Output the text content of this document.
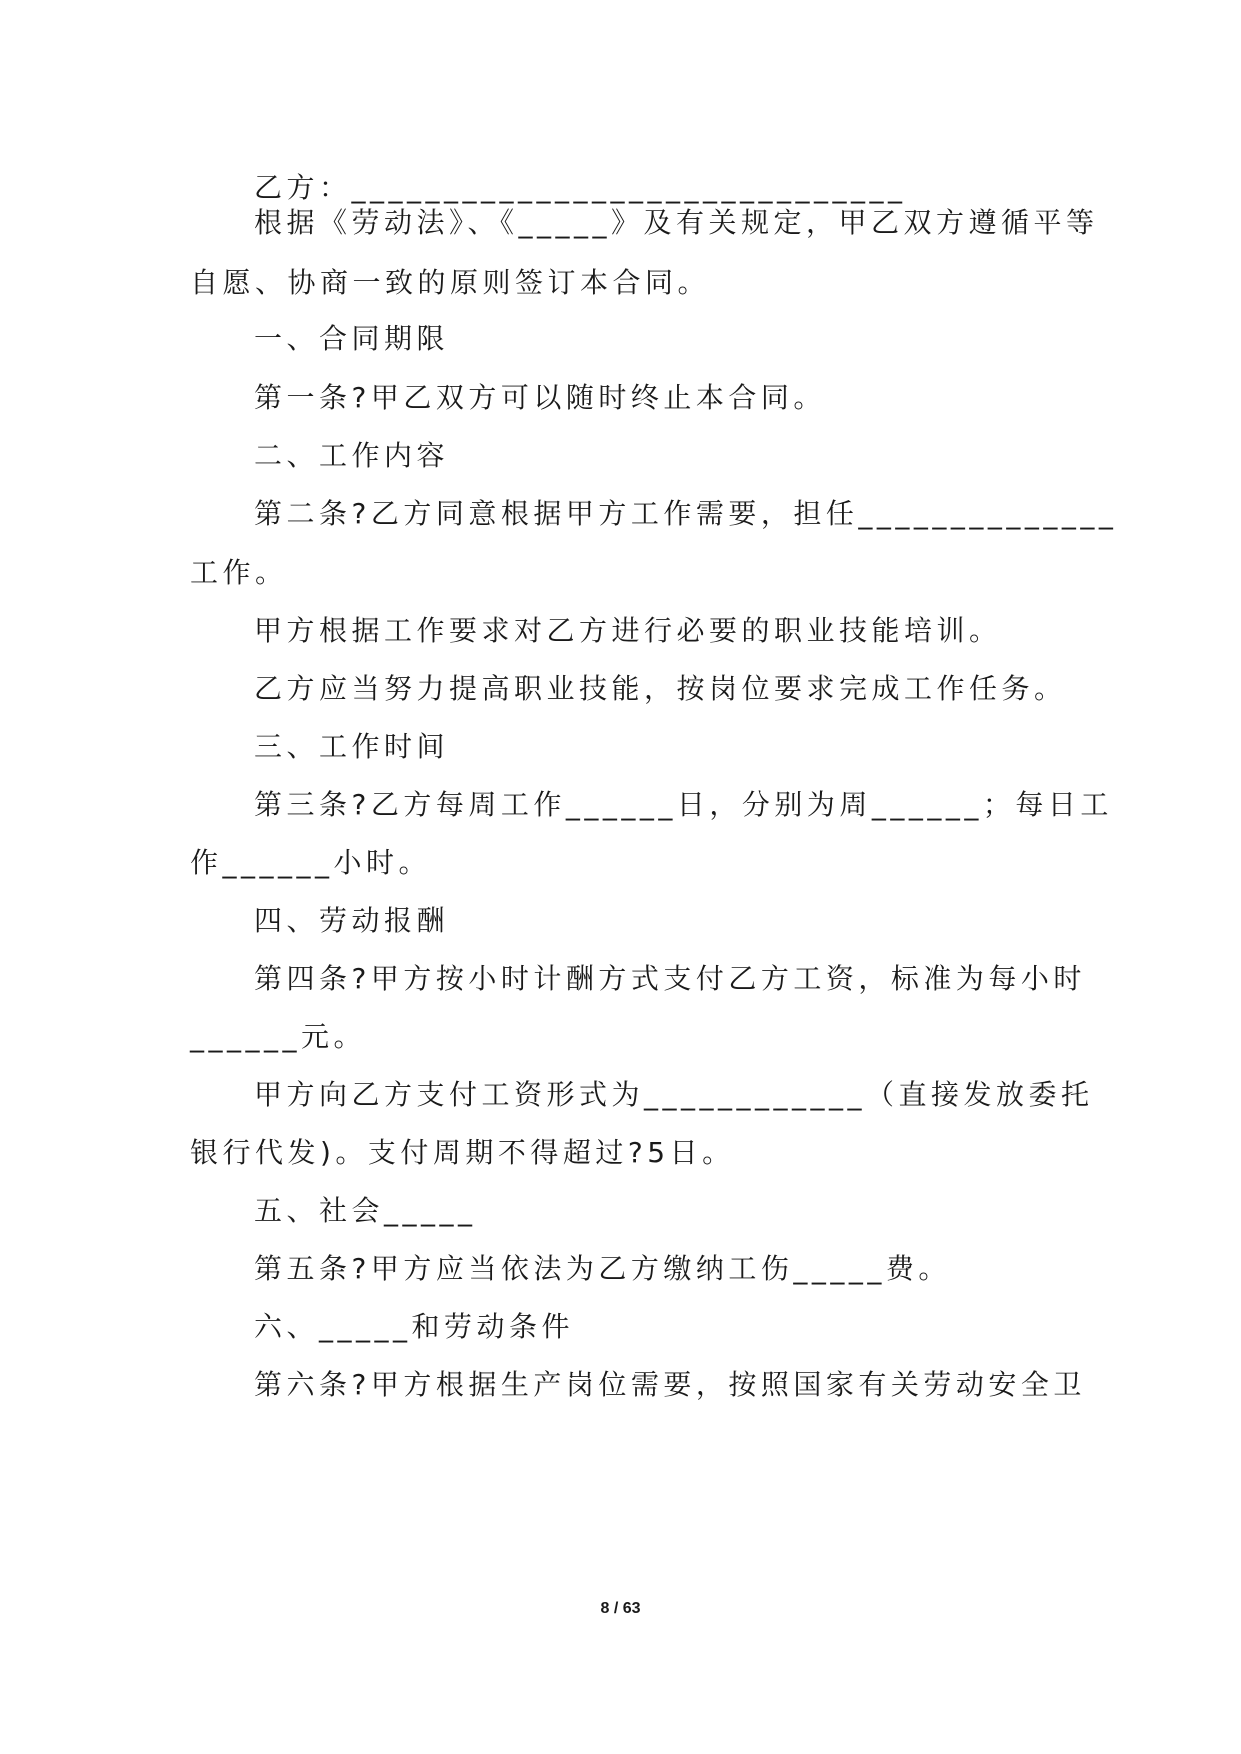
乙方：______________________________
根据《劳动法》、《_____》及有关规定，甲乙双方遵循平等
自愿、协商一致的原则签订本合同。
一、合同期限
第一条?甲乙双方可以随时终止本合同。
二、工作内容
第二条?乙方同意根据甲方工作需要，担任______________
工作。
甲方根据工作要求对乙方进行必要的职业技能培训。
乙方应当努力提高职业技能，按岗位要求完成工作任务。
三、工作时间
第三条?乙方每周工作______日，分别为周______；每日工
作______小时。
四、劳动报酬
第四条?甲方按小时计酬方式支付乙方工资，标准为每小时
______元。
甲方向乙方支付工资形式为____________（直接发放委托
银行代发)。支付周期不得超过?5日。
五、社会_____
第五条?甲方应当依法为乙方缴纳工伤_____费。
六、_____和劳动条件
第六条?甲方根据生产岗位需要，按照国家有关劳动安全卫
8 / 63
